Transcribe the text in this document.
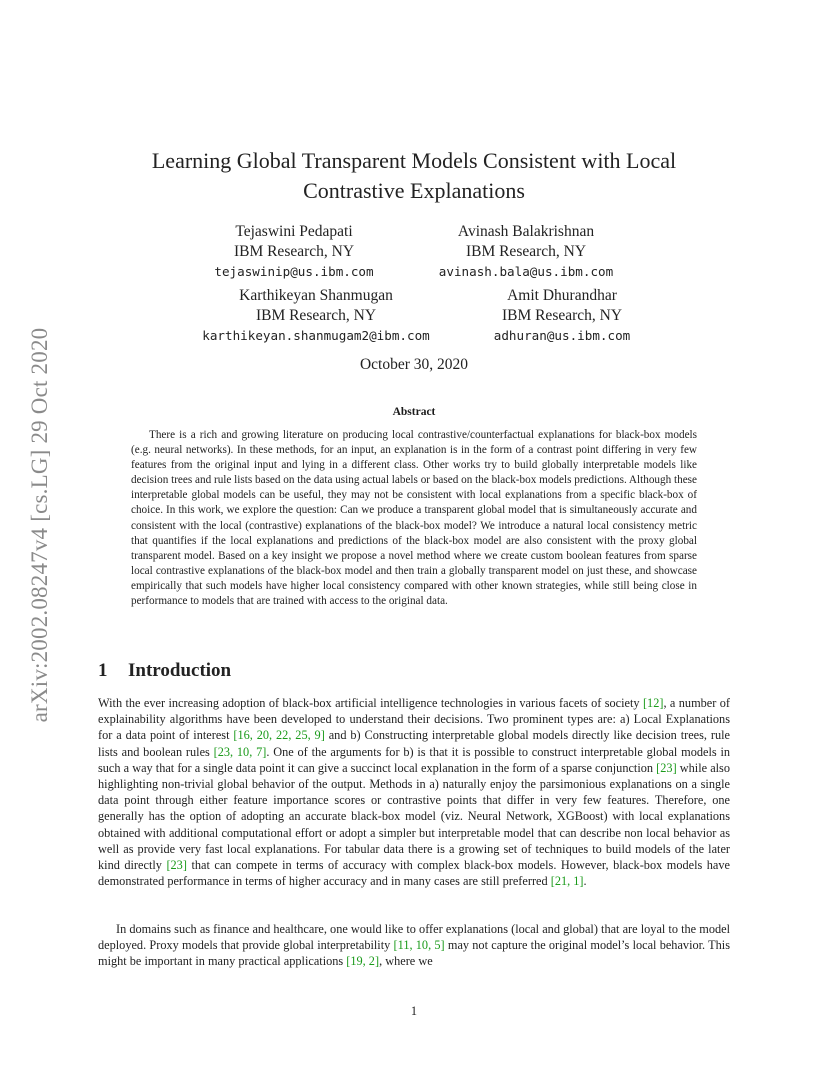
arXiv:2002.08247v4 [cs.LG] 29 Oct 2020
Learning Global Transparent Models Consistent with Local
Contrastive Explanations
Tejaswini Pedapati
IBM Research, NY
tejaswinip@us.ibm.com
Avinash Balakrishnan
IBM Research, NY
avinash.bala@us.ibm.com
Karthikeyan Shanmugan
IBM Research, NY
karthikeyan.shanmugam2@ibm.com
Amit Dhurandhar
IBM Research, NY
adhuran@us.ibm.com
October 30, 2020
Abstract

There is a rich and growing literature on producing local contrastive/counterfactual explanations for black-box models (e.g. neural networks). In these methods, for an input, an explanation is in the form of a contrast point differing in very few features from the original input and lying in a different class. Other works try to build globally interpretable models like decision trees and rule lists based on the data using actual labels or based on the black-box models predictions. Although these interpretable global models can be useful, they may not be consistent with local explanations from a specific black-box of choice. In this work, we explore the question: Can we produce a transparent global model that is simultaneously accurate and consistent with the local (contrastive) explanations of the black-box model? We introduce a natural local consistency metric that quantifies if the local explanations and predictions of the black-box model are also consistent with the proxy global transparent model. Based on a key insight we propose a novel method where we create custom boolean features from sparse local contrastive explanations of the black-box model and then train a globally transparent model on just these, and showcase empirically that such models have higher local consistency compared with other known strategies, while still being close in performance to models that are trained with access to the original data.

1 Introduction

With the ever increasing adoption of black-box artificial intelligence technologies in various facets of society [12], a number of explainability algorithms have been developed to understand their decisions. Two prominent types are: a) Local Explanations for a data point of interest [16, 20, 22, 25, 9] and b) Constructing interpretable global models directly like decision trees, rule lists and boolean rules [23, 10, 7]. One of the arguments for b) is that it is possible to construct interpretable global models in such a way that for a single data point it can give a succinct local explanation in the form of a sparse conjunction [23] while also highlighting non-trivial global behavior of the output. Methods in a) naturally enjoy the parsimonious explanations on a single data point through either feature importance scores or contrastive points that differ in very few features. Therefore, one generally has the option of adopting an accurate black-box model (viz. Neural Network, XGBoost) with local explanations obtained with additional computational effort or adopt a simpler but interpretable model that can describe non local behavior as well as provide very fast local explanations. For tabular data there is a growing set of techniques to build models of the later kind directly [23] that can compete in terms of accuracy with complex black-box models. However, black-box models have demonstrated performance in terms of higher accuracy and in many cases are still preferred [21, 1].

In domains such as finance and healthcare, one would like to offer explanations (local and global) that are loyal to the model deployed. Proxy models that provide global interpretability [11, 10, 5] may not capture the original model’s local behavior. This might be important in many practical applications [19, 2], where we

1
